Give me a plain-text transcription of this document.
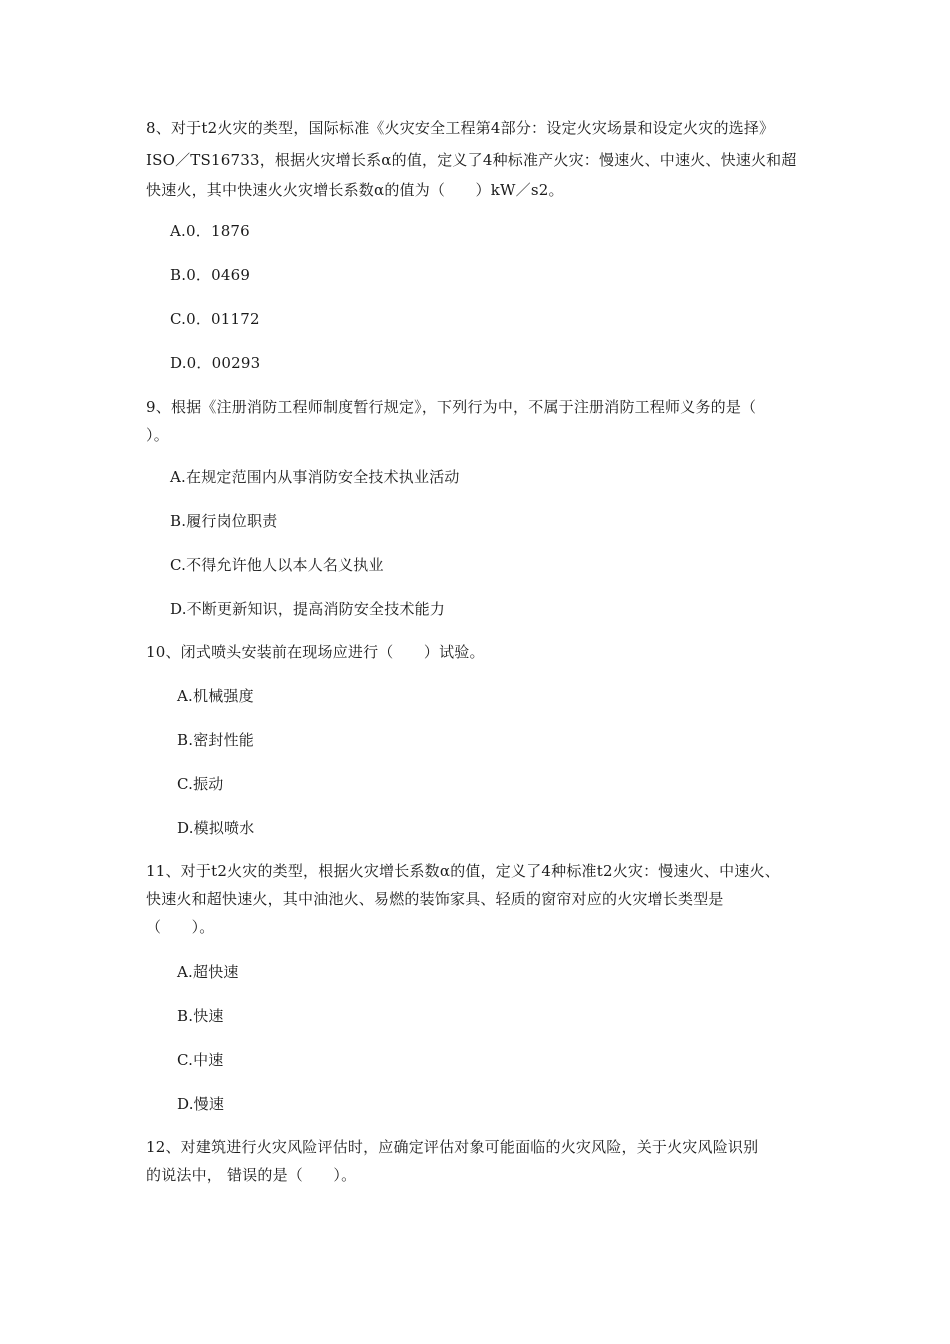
8、对于t2火灾的类型，国际标准《火灾安全工程第4部分：设定火灾场景和设定火灾的选择》
ISO／TS16733，根据火灾增长系α的值，定义了4种标准产火灾：慢速火、中速火、快速火和超
快速火，其中快速火火灾增长系数α的值为（　　）kW／s2。
A.0．1876
B.0．0469
C.0．01172
D.0．00293
9、根据《注册消防工程师制度暂行规定》，下列行为中，不属于注册消防工程师义务的是（
）。
A.在规定范围内从事消防安全技术执业活动
B.履行岗位职责
C.不得允许他人以本人名义执业
D.不断更新知识，提高消防安全技术能力
10、闭式喷头安装前在现场应进行（　　）试验。
A.机械强度
B.密封性能
C.振动
D.模拟喷水
11、对于t2火灾的类型，根据火灾增长系数α的值，定义了4种标准t2火灾：慢速火、中速火、
快速火和超快速火，其中油池火、易燃的装饰家具、轻质的窗帘对应的火灾增长类型是
（　　）。
A.超快速
B.快速
C.中速
D.慢速
12、对建筑进行火灾风险评估时，应确定评估对象可能面临的火灾风险，关于火灾风险识别
的说法中， 错误的是（　　）。
